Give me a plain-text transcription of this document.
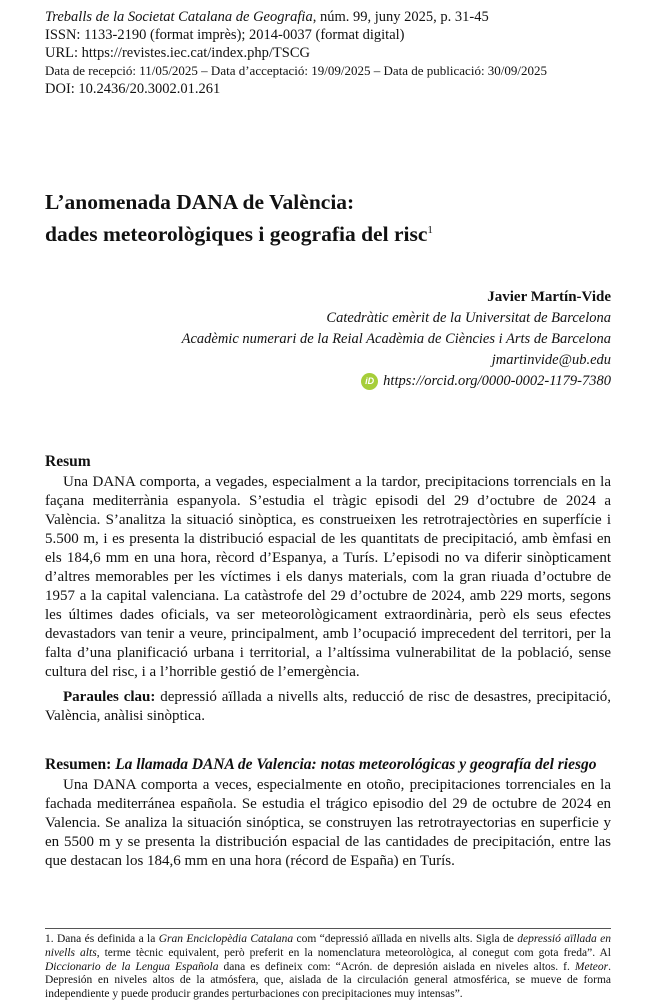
Treballs de la Societat Catalana de Geografia, núm. 99, juny 2025, p. 31-45
ISSN: 1133-2190 (format imprès); 2014-0037 (format digital)
URL: https://revistes.iec.cat/index.php/TSCG
Data de recepció: 11/05/2025 – Data d’acceptació: 19/09/2025 – Data de publicació: 30/09/2025
DOI: 10.2436/20.3002.01.261
L’anomenada DANA de València:
dades meteorològiques i geografia del risc$^1$
Javier Martín-Vide
Catedràtic emèrit de la Universitat de Barcelona
Acadèmic numerari de la Reial Acadèmia de Ciències i Arts de Barcelona
jmartinvide@ub.edu
iD https://orcid.org/0000-0002-1179-7380
Resum

Una DANA comporta, a vegades, especialment a la tardor, precipitacions torrencials en la façana mediterrània espanyola. S’estudia el tràgic episodi del 29 d’octubre de 2024 a València. S’analitza la situació sinòptica, es construeixen les retrotrajectòries en superfície i 5.500 m, i es presenta la distribució espacial de les quantitats de precipitació, amb èmfasi en els 184,6 mm en una hora, rècord d’Espanya, a Turís. L’episodi no va diferir sinòpticament d’altres memorables per les víctimes i els danys materials, com la gran riuada d’octubre de 1957 a la capital valenciana. La catàstrofe del 29 d’octubre de 2024, amb 229 morts, segons les últimes dades oficials, va ser meteorològicament extraordinària, però els seus efectes devastadors van tenir a veure, principalment, amb l’ocupació imprecedent del territori, per la falta d’una planificació urbana i territorial, a l’altíssima vulnerabilitat de la població, sense cultura del risc, i a l’horrible gestió de l’emergència.

Paraules clau: depressió aïllada a nivells alts, reducció de risc de desastres, precipitació, València, anàlisi sinòptica.

Resumen: La llamada DANA de Valencia: notas meteorológicas y geografía del riesgo

Una DANA comporta a veces, especialmente en otoño, precipitaciones torrenciales en la fachada mediterránea española. Se estudia el trágico episodio del 29 de octubre de 2024 en Valencia. Se analiza la situación sinóptica, se construyen las retrotrayectorias en superficie y en 5500 m y se presenta la distribución espacial de las cantidades de precipitación, entre las que destacan los 184,6 mm en una hora (récord de España) en Turís.

1. Dana és definida a la Gran Enciclopèdia Catalana com “depressió aïllada en nivells alts. Sigla de depressió aïllada en nivells alts, terme tècnic equivalent, però preferit en la nomenclatura meteorològica, al conegut com gota freda”. Al Diccionario de la Lengua Española dana es defineix com: “Acrón. de depresión aislada en niveles altos. f. Meteor. Depresión en niveles altos de la atmósfera, que, aislada de la circulación general atmosférica, se mueve de forma independiente y puede producir grandes perturbaciones con precipitaciones muy intensas”.
